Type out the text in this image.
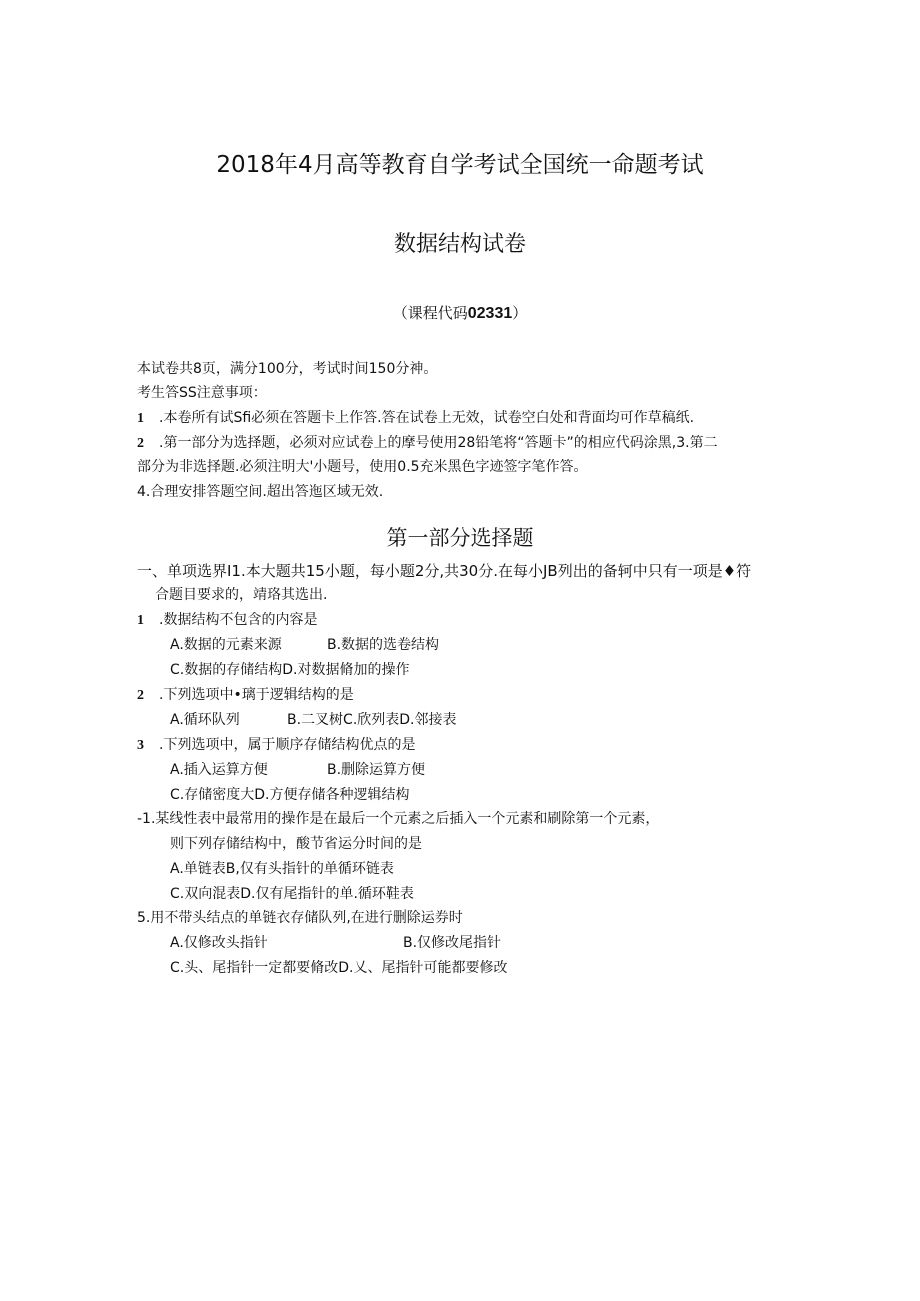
2018年4月高等教育自学考试全国统一命题考试
数据结构试卷
（课程代码02331）
本试卷共8页，满分100分，考试时间150分神。
考生答SS注意事项：
1 .本卷所有试Sfi必须在答题卡上作答.答在试卷上无效，试卷空白处和背面均可作草稿纸.
2 .第一部分为选择题，必须对应试卷上的摩号使用28铅笔将“答题卡”的相应代码涂黑,3.第二
部分为非选择题.必须注明大'小题号，使用0.5充米黑色字迹签字笔作答。
4.合理安排答题空间.超出答迤区域无效.
第一部分选择题
一、单项选界I1.本大题共15小题，每小题2分,共30分.在每小JB列出的备轲中只有一项是♦符
合题目要求的，靖珞其选出.
1 .数据结构不包含的内容是
A.数据的元素来源	B.数据的选卷结构
C.数据的存储结构D.对数据脩加的操作
2 .下列选项中•璃于逻辑结构的是
A.循环队列	B.二叉树C.欣列表D.邻接表
3 .下列选项中，属于顺序存储结构优点的是
A.插入运算方便	B.删除运算方便
C.存储密度大D.方便存储各种逻辑结构
-1.某线性表中最常用的操作是在最后一个元素之后插入一个元素和刷除第一个元素，
则下列存储结构中，酸节省运分时间的是
A.单链表B,仅有头指针的单循环链表
C.双向混表D.仅有尾指针的单.循环鞋表
5.用不带头结点的单链衣存储队列,在进行删除运券时
A.仅修改头指针	B.仅修改尾指针
C.头、尾指针一定都要脩改D.乂、尾指针可能都要修改
